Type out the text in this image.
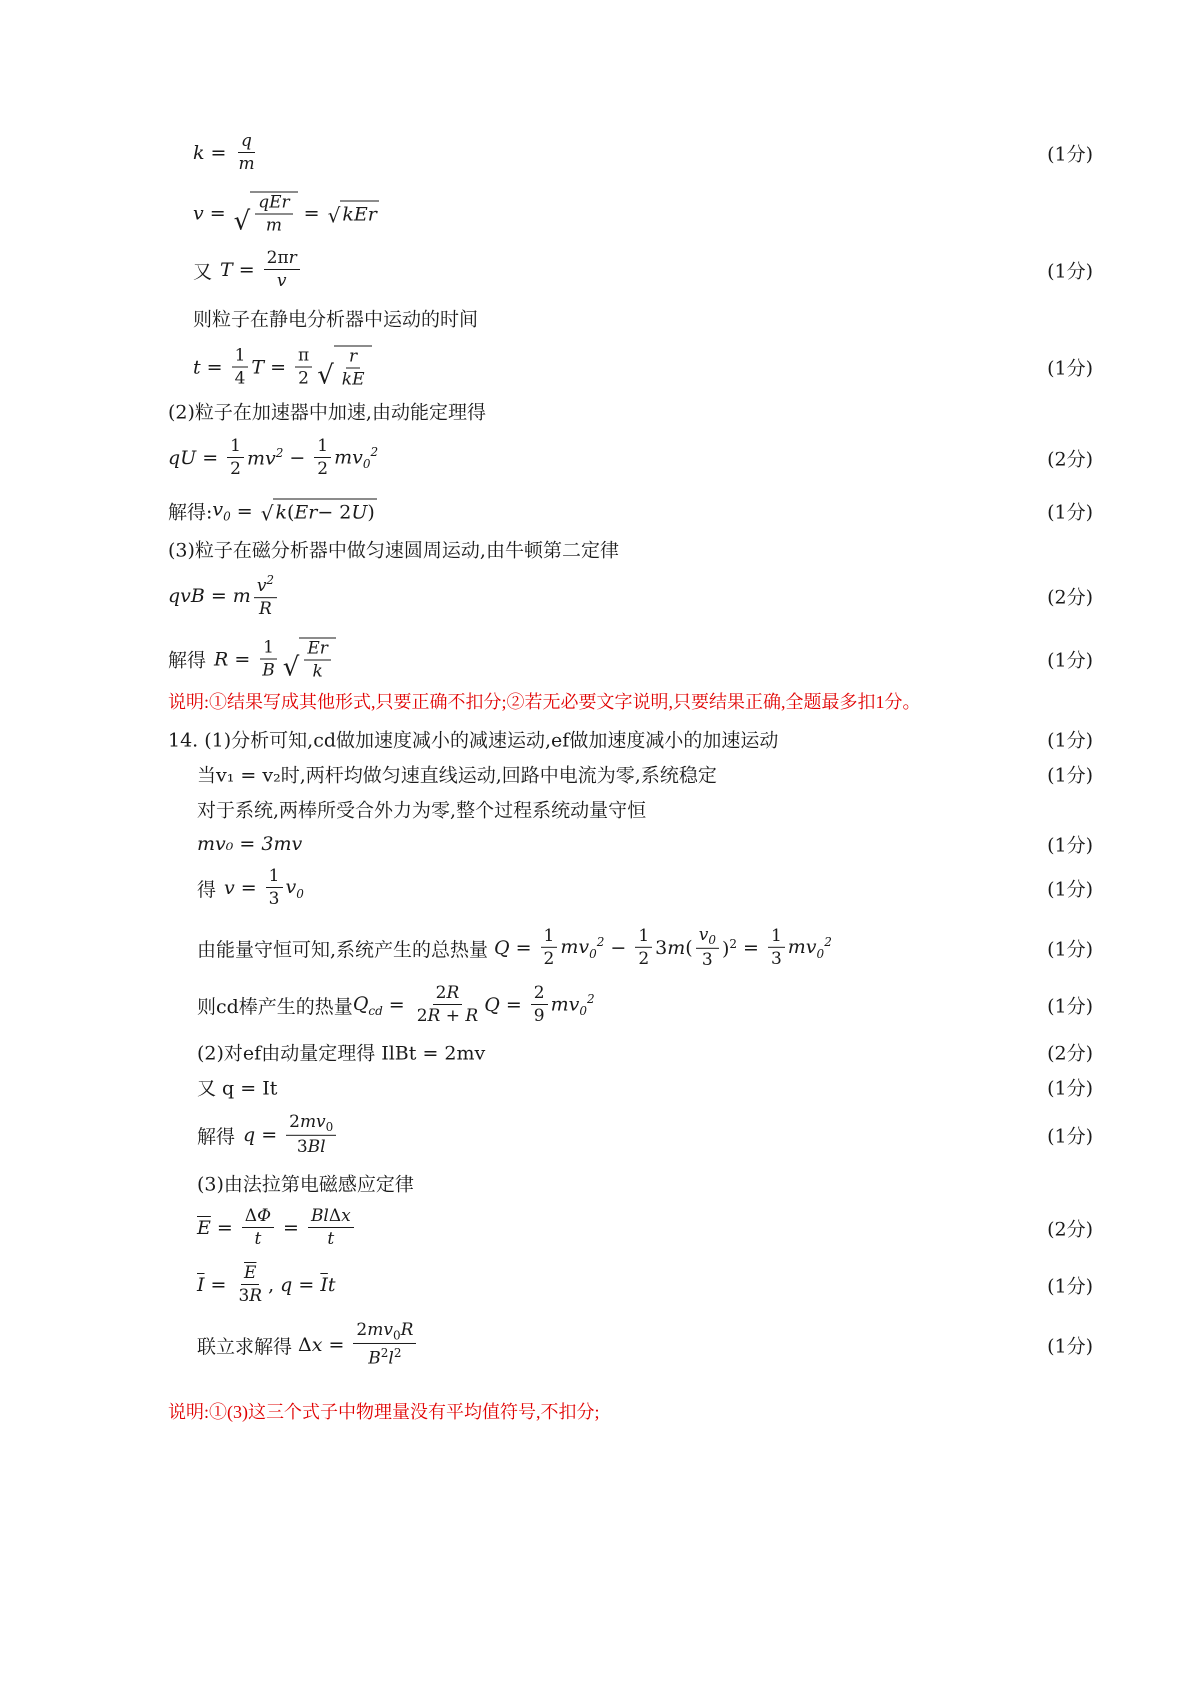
$k = \frac{q}{m}$	(1分)
v = √ $\frac{\text{qEr}}{m}$ = √ kEr
又 $T = \frac{2\pi r}{v}$	(1分)
则粒子在静电分析器中运动的时间
$t = \frac{1}{4}$ $T = \frac{\pi}{2}$ √ $\frac{r}{kE}$	(1分)
(2)粒子在加速器中加速,由动能定理得
qU = $\frac{1}{2} mv^2 - \frac{1}{2} mv_0^2$	(2分)
解得: $v_0$ = √ k ( Er − 2 U )	(1分)
(3)粒子在磁分析器中做匀速圆周运动,由牛顿第二定律
qvB = m $\frac{v^2}{R}$	(2分)
解得 $R = \frac{1}{B}$ √ $\frac{Er}{k}$	(1分)
说明:①结果写成其他形式,只要正确不扣分;②若无必要文字说明,只要结果正确,全题最多扣1分。
14. (1)分析可知,cd做加速度减小的减速运动,ef做加速度减小的加速运动	(1分)
当v₁ = v₂时,两杆均做匀速直线运动,回路中电流为零,系统稳定	(1分)
对于系统,两棒所受合外力为零,整个过程系统动量守恒
mv₀ = 3mv	(1分)
得 $v = \frac{1}{3} v_0$	(1分)
由能量守恒可知,系统产生的总热量 $Q = \frac{1}{2} mv_0^2 - \frac{1}{2} 3m( \frac{v_0}{3} )^2 = \frac{1}{3} mv_0^2$	(1分)
则cd棒产生的热量 $Q_{cd} = \frac{2R}{2R + R}$ $Q = \frac{2}{9} mv_0^2$	(1分)
(2)对ef由动量定理得 IlBt = 2mv	(2分)
又 q = It	(1分)
解得 $q = \frac{2mv_0}{3Bl}$	(1分)
(3)由法拉第电磁感应定律
$\overline{E} = \frac{\Delta\Phi}{t} = \frac{\text{BlΔx}}{t}$	(2分)
$\overline{I} = \frac{\overline{E}}{3R}$ , $q = \overline{I}t$	(1分)
联立求解得 $\Delta x = \frac{2mv_0R}{B^2l^2}$	(1分)
说明:①(3)这三个式子中物理量没有平均值符号,不扣分;
